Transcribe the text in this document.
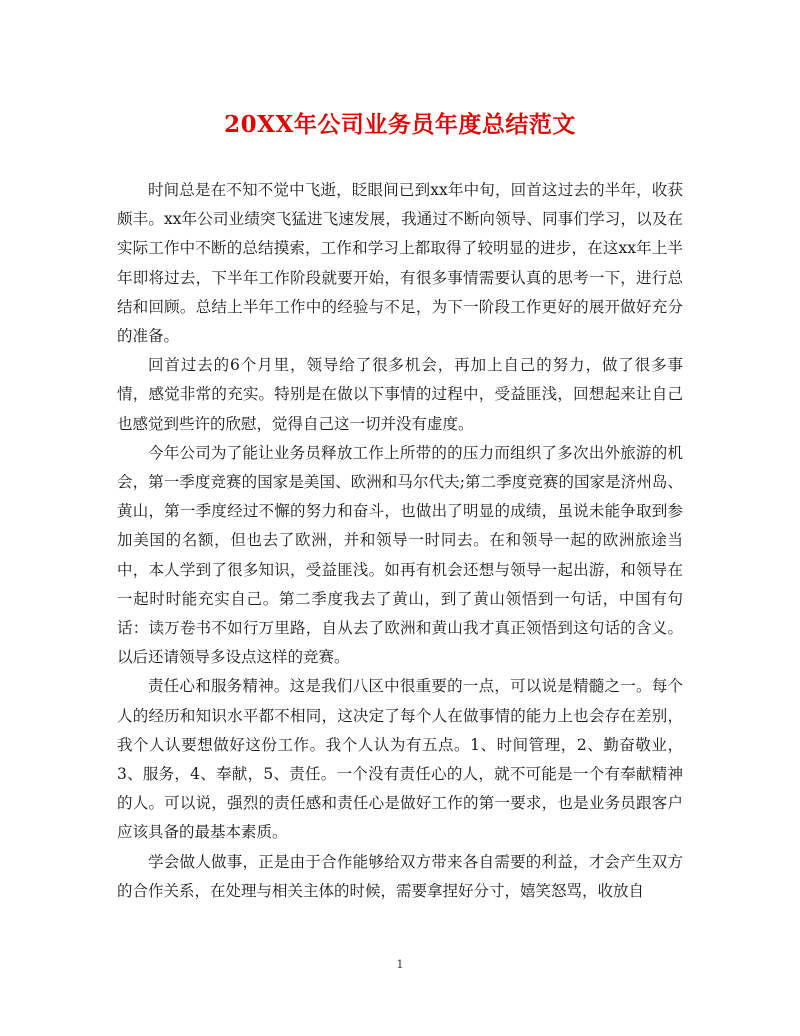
20XX年公司业务员年度总结范文

时间总是在不知不觉中飞逝，眨眼间已到xx年中旬，回首这过去的半年，收获颇丰。xx年公司业绩突飞猛进飞速发展，我通过不断向领导、同事们学习，以及在实际工作中不断的总结摸索，工作和学习上都取得了较明显的进步，在这xx年上半年即将过去，下半年工作阶段就要开始，有很多事情需要认真的思考一下，进行总结和回顾。总结上半年工作中的经验与不足，为下一阶段工作更好的展开做好充分的准备。

回首过去的6个月里，领导给了很多机会，再加上自己的努力，做了很多事情，感觉非常的充实。特别是在做以下事情的过程中，受益匪浅，回想起来让自己也感觉到些许的欣慰，觉得自己这一切并没有虚度。

今年公司为了能让业务员释放工作上所带的的压力而组织了多次出外旅游的机会，第一季度竞赛的国家是美国、欧洲和马尔代夫;第二季度竞赛的国家是济州岛、黄山，第一季度经过不懈的努力和奋斗，也做出了明显的成绩，虽说未能争取到参加美国的名额，但也去了欧洲，并和领导一时同去。在和领导一起的欧洲旅途当中，本人学到了很多知识，受益匪浅。如再有机会还想与领导一起出游，和领导在一起时时能充实自己。第二季度我去了黄山，到了黄山领悟到一句话，中国有句话：读万卷书不如行万里路，自从去了欧洲和黄山我才真正领悟到这句话的含义。以后还请领导多设点这样的竞赛。

责任心和服务精神。这是我们八区中很重要的一点，可以说是精髓之一。每个人的经历和知识水平都不相同，这决定了每个人在做事情的能力上也会存在差别，我个人认要想做好这份工作。我个人认为有五点。1、时间管理，2、勤奋敬业，3、服务，4、奉献，5、责任。一个没有责任心的人，就不可能是一个有奉献精神的人。可以说，强烈的责任感和责任心是做好工作的第一要求，也是业务员跟客户应该具备的最基本素质。

学会做人做事，正是由于合作能够给双方带来各自需要的利益，才会产生双方的合作关系，在处理与相关主体的时候，需要拿捏好分寸，嬉笑怒骂，收放自

1
